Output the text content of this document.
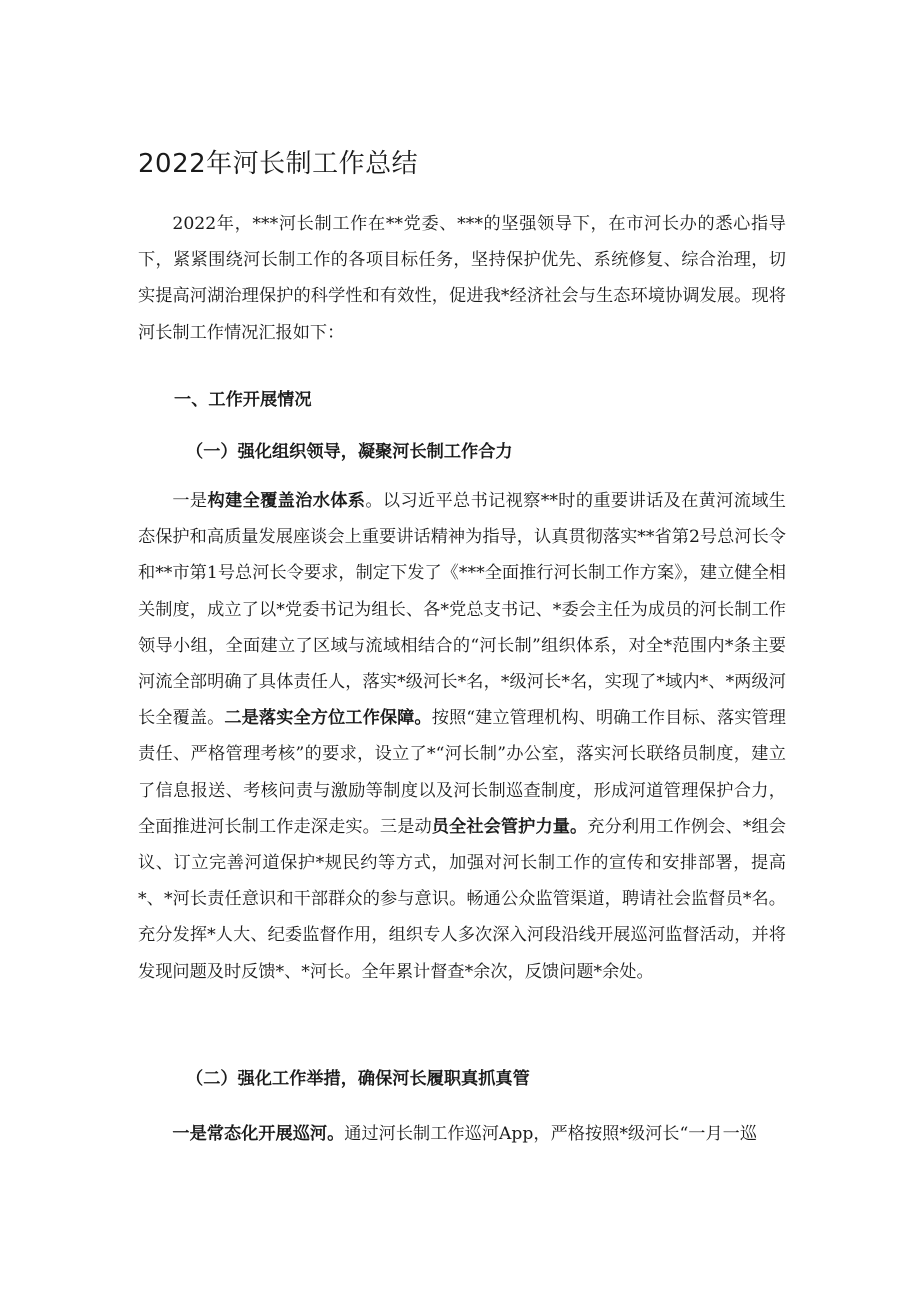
2022年河长制工作总结

2022年，***河长制工作在**党委、***的坚强领导下，在市河长办的悉心指导下，紧紧围绕河长制工作的各项目标任务，坚持保护优先、系统修复、综合治理，切实提高河湖治理保护的科学性和有效性，促进我*经济社会与生态环境协调发展。现将河长制工作情况汇报如下：

一、工作开展情况
（一）强化组织领导，凝聚河长制工作合力

一是构建全覆盖治水体系。以习近平总书记视察**时的重要讲话及在黄河流域生态保护和高质量发展座谈会上重要讲话精神为指导，认真贯彻落实**省第2号总河长令和**市第1号总河长令要求，制定下发了《***全面推行河长制工作方案》，建立健全相关制度，成立了以*党委书记为组长、各*党总支书记、*委会主任为成员的河长制工作领导小组，全面建立了区域与流域相结合的“河长制”组织体系，对全*范围内*条主要河流全部明确了具体责任人，落实*级河长*名，*级河长*名，实现了*域内*、*两级河长全覆盖。二是落实全方位工作保障。按照“建立管理机构、明确工作目标、落实管理责任、严格管理考核”的要求，设立了*“河长制”办公室，落实河长联络员制度，建立了信息报送、考核问责与激励等制度以及河长制巡查制度，形成河道管理保护合力，全面推进河长制工作走深走实。三是动员全社会管护力量。充分利用工作例会、*组会议、订立完善河道保护*规民约等方式，加强对河长制工作的宣传和安排部署，提高*、*河长责任意识和干部群众的参与意识。畅通公众监管渠道，聘请社会监督员*名。充分发挥*人大、纪委监督作用，组织专人多次深入河段沿线开展巡河监督活动，并将发现问题及时反馈*、*河长。全年累计督查*余次，反馈问题*余处。

（二）强化工作举措，确保河长履职真抓真管

一是常态化开展巡河。通过河长制工作巡河App，严格按照*级河长“一月一巡
